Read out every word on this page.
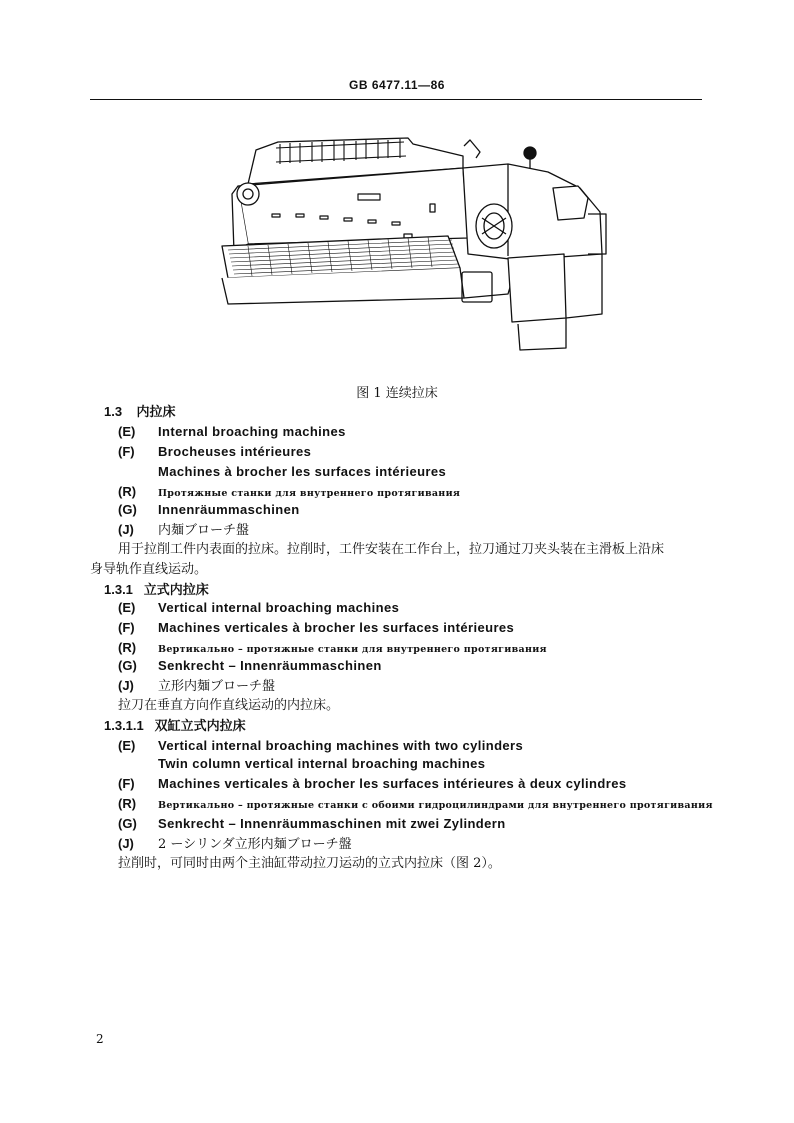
GB 6477.11—86
图 1 连续拉床
1.3 内拉床
(E) Internal broaching machines
(F) Brocheuses intérieures
Machines à brocher les surfaces intérieures
(R) Протяжные станки для внутреннего протягивания
(G) Innenräummaschinen
(J) 内麺ブローチ盤
用于拉削工件内表面的拉床。拉削时，工件安装在工作台上，拉刀通过刀夹头装在主滑板上沿床
身导轨作直线运动。
1.3.1 立式内拉床
(E) Vertical internal broaching machines
(F) Machines verticales à brocher les surfaces intérieures
(R) Вертикально – протяжные станки для внутреннего протягивания
(G) Senkrecht – Innenräummaschinen
(J) 立形内麺ブローチ盤
拉刀在垂直方向作直线运动的内拉床。
1.3.1.1 双缸立式内拉床
(E) Vertical internal broaching machines with two cylinders
Twin column vertical internal broaching machines
(F) Machines verticales à brocher les surfaces intérieures à deux cylindres
(R) Вертикально – протяжные станки с обоими гидроцилиндрами для внутреннего протягивания
(G) Senkrecht – Innenräummaschinen mit zwei Zylindern
(J) 2 ーシリンダ立形内麺ブローチ盤
拉削时，可同时由两个主油缸带动拉刀运动的立式内拉床（图 2）。
2
